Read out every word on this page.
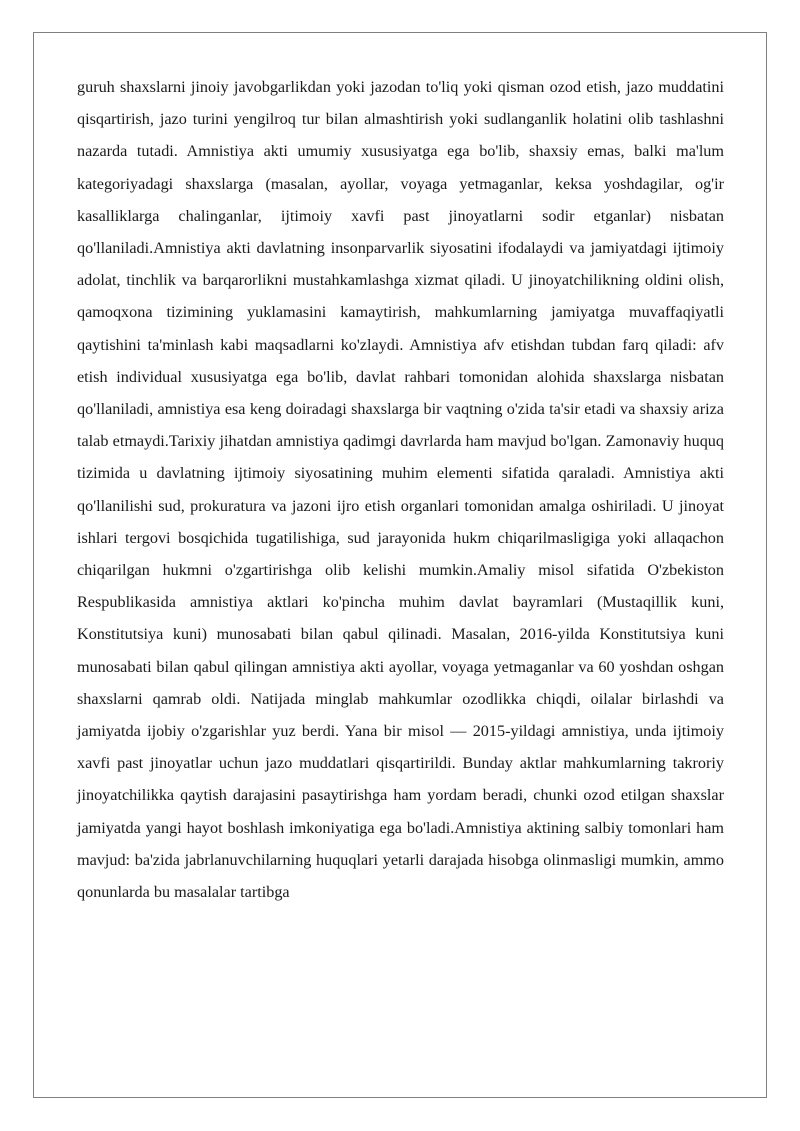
guruh shaxslarni jinoiy javobgarlikdan yoki jazodan to'liq yoki qisman ozod etish, jazo muddatini qisqartirish, jazo turini yengilroq tur bilan almashtirish yoki sudlanganlik holatini olib tashlashni nazarda tutadi. Amnistiya akti umumiy xususiyatga ega bo'lib, shaxsiy emas, balki ma'lum kategoriyadagi shaxslarga (masalan, ayollar, voyaga yetmaganlar, keksa yoshdagilar, og'ir kasalliklarga chalinganlar, ijtimoiy xavfi past jinoyatlarni sodir etganlar) nisbatan qo'llaniladi.Amnistiya akti davlatning insonparvarlik siyosatini ifodalaydi va jamiyatdagi ijtimoiy adolat, tinchlik va barqarorlikni mustahkamlashga xizmat qiladi. U jinoyatchilikning oldini olish, qamoqxona tizimining yuklamasini kamaytirish, mahkumlarning jamiyatga muvaffaqiyatli qaytishini ta'minlash kabi maqsadlarni ko'zlaydi. Amnistiya afv etishdan tubdan farq qiladi: afv etish individual xususiyatga ega bo'lib, davlat rahbari tomonidan alohida shaxslarga nisbatan qo'llaniladi, amnistiya esa keng doiradagi shaxslarga bir vaqtning o'zida ta'sir etadi va shaxsiy ariza talab etmaydi.Tarixiy jihatdan amnistiya qadimgi davrlarda ham mavjud bo'lgan. Zamonaviy huquq tizimida u davlatning ijtimoiy siyosatining muhim elementi sifatida qaraladi. Amnistiya akti qo'llanilishi sud, prokuratura va jazoni ijro etish organlari tomonidan amalga oshiriladi. U jinoyat ishlari tergovi bosqichida tugatilishiga, sud jarayonida hukm chiqarilmasligiga yoki allaqachon chiqarilgan hukmni o'zgartirishga olib kelishi mumkin.Amaliy misol sifatida O'zbekiston Respublikasida amnistiya aktlari ko'pincha muhim davlat bayramlari (Mustaqillik kuni, Konstitutsiya kuni) munosabati bilan qabul qilinadi. Masalan, 2016-yilda Konstitutsiya kuni munosabati bilan qabul qilingan amnistiya akti ayollar, voyaga yetmaganlar va 60 yoshdan oshgan shaxslarni qamrab oldi. Natijada minglab mahkumlar ozodlikka chiqdi, oilalar birlashdi va jamiyatda ijobiy o'zgarishlar yuz berdi. Yana bir misol — 2015-yildagi amnistiya, unda ijtimoiy xavfi past jinoyatlar uchun jazo muddatlari qisqartirildi. Bunday aktlar mahkumlarning takroriy jinoyatchilikka qaytish darajasini pasaytirishga ham yordam beradi, chunki ozod etilgan shaxslar jamiyatda yangi hayot boshlash imkoniyatiga ega bo'ladi.Amnistiya aktining salbiy tomonlari ham mavjud: ba'zida jabrlanuvchilarning huquqlari yetarli darajada hisobga olinmasligi mumkin, ammo qonunlarda bu masalalar tartibga
